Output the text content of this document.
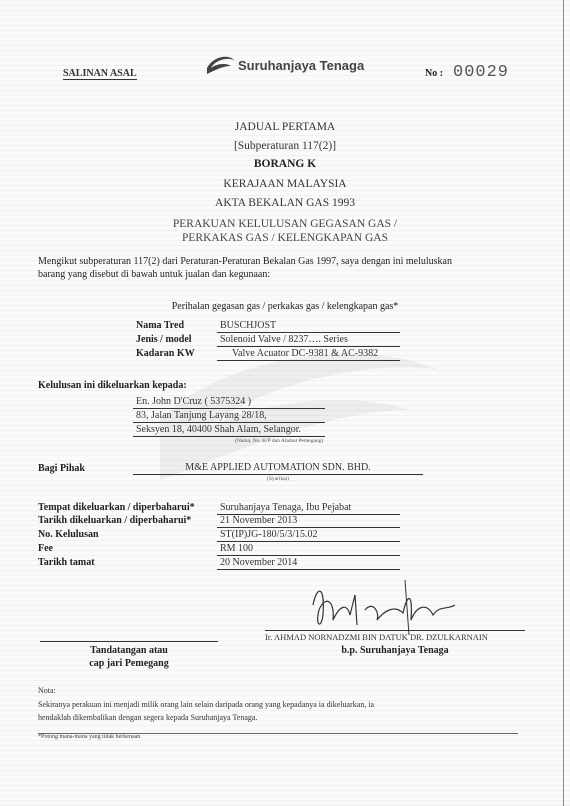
SALINAN ASAL
Suruhanjaya Tenaga
No : 00029
JADUAL PERTAMA
[Subperaturan 117(2)]
BORANG K
KERAJAAN MALAYSIA
AKTA BEKALAN GAS 1993
PERAKUAN KELULUSAN GEGASAN GAS /
PERKAKAS GAS / KELENGKAPAN GAS
Mengikut subperaturan 117(2) dari Peraturan-Peraturan Bekalan Gas 1997, saya dengan ini meluluskan
barang yang disebut di bawah untuk jualan dan kegunaan:
Perihalan gegasan gas / perkakas gas / kelengkapan gas*
Nama Tred	BUSCHJOST
Jenis / model	Solenoid Valve / 8237…. Series
Kadaran KW	Valve Acuator DC-9381 & AC-9382
Kelulusan ini dikeluarkan kepada:
En. John D'Cruz ( 5375324 )
83, Jalan Tanjung Layang 28/18,
Seksyen 18, 40400 Shah Alam, Selangor.
(Nama, No. K/P dan Alamat Pemegang)
Bagi Pihak	M&E APPLIED AUTOMATION SDN. BHD.
(Syarikat)
Tempat dikeluarkan / diperbaharui*	Suruhanjaya Tenaga, Ibu Pejabat
Tarikh dikeluarkan / diperbaharui*	21 November 2013
No. Kelulusan	ST(IP)JG-180/5/3/15.02
Fee	RM 100
Tarikh tamat	20 November 2014
Ir. AHMAD NORNADZMI BIN DATUK DR. DZULKARNAIN
Tandatangan atau
cap jari Pemegang
b.p. Suruhanjaya Tenaga
Nota:
Sekiranya perakuan ini menjadi milik orang lain selain daripada orang yang kepadanya ia dikeluarkan, ia
hendaklah dikembalikan dengan segera kepada Suruhanjaya Tenaga.
*Potong mana-mana yang tidak berkenaan
